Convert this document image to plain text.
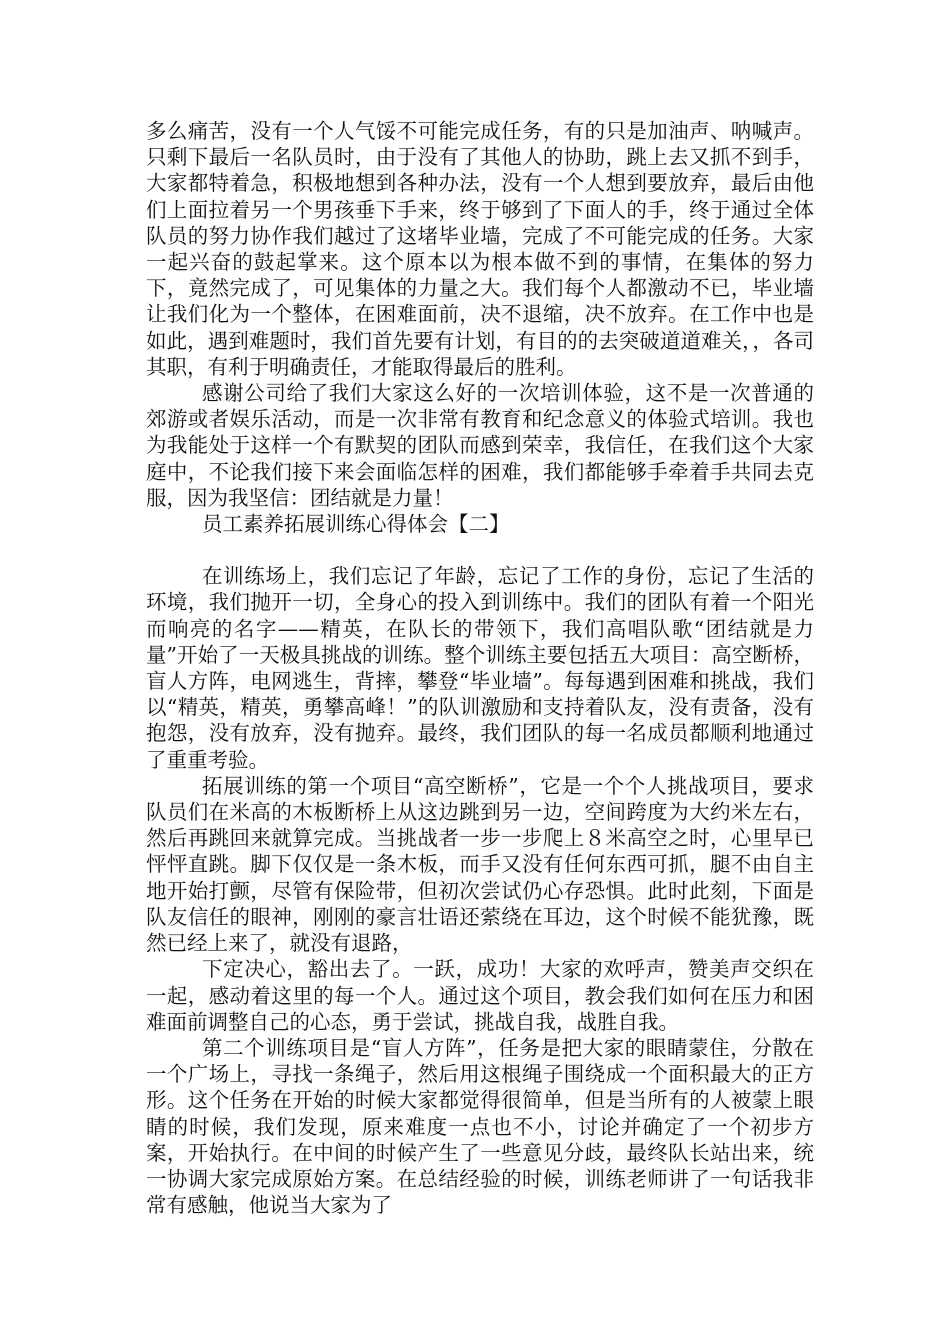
多么痛苦，没有一个人气馁不可能完成任务，有的只是加油声、呐喊声。只剩下最后一名队员时，由于没有了其他人的协助，跳上去又抓不到手，大家都特着急，积极地想到各种办法，没有一个人想到要放弃，最后由他们上面拉着另一个男孩垂下手来，终于够到了下面人的手，终于通过全体队员的努力协作我们越过了这堵毕业墙，完成了不可能完成的任务。大家一起兴奋的鼓起掌来。这个原本以为根本做不到的事情，在集体的努力下，竟然完成了，可见集体的力量之大。我们每个人都激动不已，毕业墙让我们化为一个整体，在困难面前，决不退缩，决不放弃。在工作中也是如此，遇到难题时，我们首先要有计划，有目的的去突破道道难关，，各司其职，有利于明确责任，才能取得最后的胜利。

感谢公司给了我们大家这么好的一次培训体验，这不是一次普通的郊游或者娱乐活动，而是一次非常有教育和纪念意义的体验式培训。我也为我能处于这样一个有默契的团队而感到荣幸，我信任，在我们这个大家庭中，不论我们接下来会面临怎样的困难，我们都能够手牵着手共同去克服，因为我坚信：团结就是力量！

员工素养拓展训练心得体会【二】

在训练场上，我们忘记了年龄，忘记了工作的身份，忘记了生活的环境，我们抛开一切，全身心的投入到训练中。我们的团队有着一个阳光而响亮的名字——精英，在队长的带领下，我们高唱队歌“团结就是力量”开始了一天极具挑战的训练。整个训练主要包括五大项目：高空断桥，盲人方阵，电网逃生，背摔，攀登“毕业墙”。每每遇到困难和挑战，我们以“精英，精英，勇攀高峰！”的队训激励和支持着队友，没有责备，没有抱怨，没有放弃，没有抛弃。最终，我们团队的每一名成员都顺利地通过了重重考验。

拓展训练的第一个项目“高空断桥”，它是一个个人挑战项目，要求队员们在米高的木板断桥上从这边跳到另一边，空间跨度为大约米左右，然后再跳回来就算完成。当挑战者一步一步爬上８米高空之时，心里早已怦怦直跳。脚下仅仅是一条木板，而手又没有任何东西可抓，腿不由自主地开始打颤，尽管有保险带，但初次尝试仍心存恐惧。此时此刻，下面是队友信任的眼神，刚刚的豪言壮语还萦绕在耳边，这个时候不能犹豫，既然已经上来了，就没有退路，

下定决心，豁出去了。一跃，成功！大家的欢呼声，赞美声交织在一起，感动着这里的每一个人。通过这个项目，教会我们如何在压力和困难面前调整自己的心态，勇于尝试，挑战自我，战胜自我。

第二个训练项目是“盲人方阵”，任务是把大家的眼睛蒙住，分散在一个广场上，寻找一条绳子，然后用这根绳子围绕成一个面积最大的正方形。这个任务在开始的时候大家都觉得很简单，但是当所有的人被蒙上眼睛的时候，我们发现，原来难度一点也不小，讨论并确定了一个初步方案，开始执行。在中间的时候产生了一些意见分歧，最终队长站出来，统一协调大家完成原始方案。在总结经验的时候，训练老师讲了一句话我非常有感触，他说当大家为了
